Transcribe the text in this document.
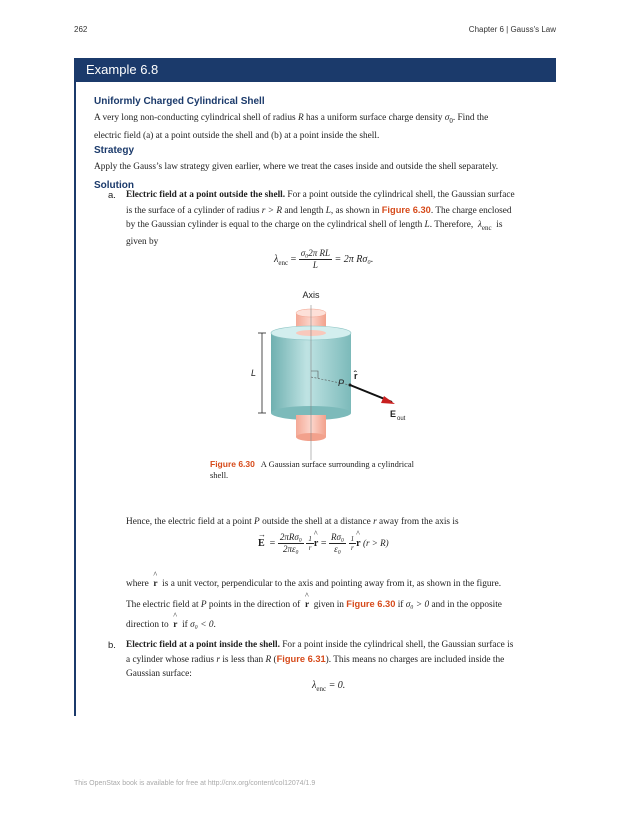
262	Chapter 6 | Gauss's Law
Example 6.8
Uniformly Charged Cylindrical Shell
A very long non-conducting cylindrical shell of radius R has a uniform surface charge density $\sigma_0$. Find the
electric field (a) at a point outside the shell and (b) at a point inside the shell.
Strategy
Apply the Gauss’s law strategy given earlier, where we treat the cases inside and outside the shell separately.
Solution
a. Electric field at a point outside the shell. For a point outside the cylindrical shell, the Gaussian surface
is the surface of a cylinder of radius r > R and length L, as shown in Figure 6.30. The charge enclosed
by the Gaussian cylinder is equal to the charge on the cylindrical shell of length L. Therefore, $\lambda_{enc}$ is
given by
$\lambda_{enc} = \frac{\text{σ₀2π RL}}{L} = 2\pi$ Rσ₀.
Axis
L
P
r̂
E out
Figure 6.30 A Gaussian surface surrounding a cylindrical
shell.
Hence, the electric field at a point P outside the shell at a distance r away from the axis is
→
$E = \frac{\text{2πRσ₀}}{\text{2πε₀}}$
$\frac{1}{r}$ ^ $r = \frac{\text{Rσ₀}}{\text{ε₀}}$
$\frac{1}{r}$ ^ r (r > R)
where ^ r is a unit vector, perpendicular to the axis and pointing away from it, as shown in the figure.
The electric field at P points in the direction of ^ r given in Figure 6.30 if σ₀ > 0 and in the opposite
direction to ^ r if σ₀ < 0.
b. Electric field at a point inside the shell. For a point inside the cylindrical shell, the Gaussian surface is
a cylinder whose radius r is less than R (Figure 6.31). This means no charges are included inside the
Gaussian surface:
$\lambda_{enc} = 0$.
This OpenStax book is available for free at http://cnx.org/content/col12074/1.9
